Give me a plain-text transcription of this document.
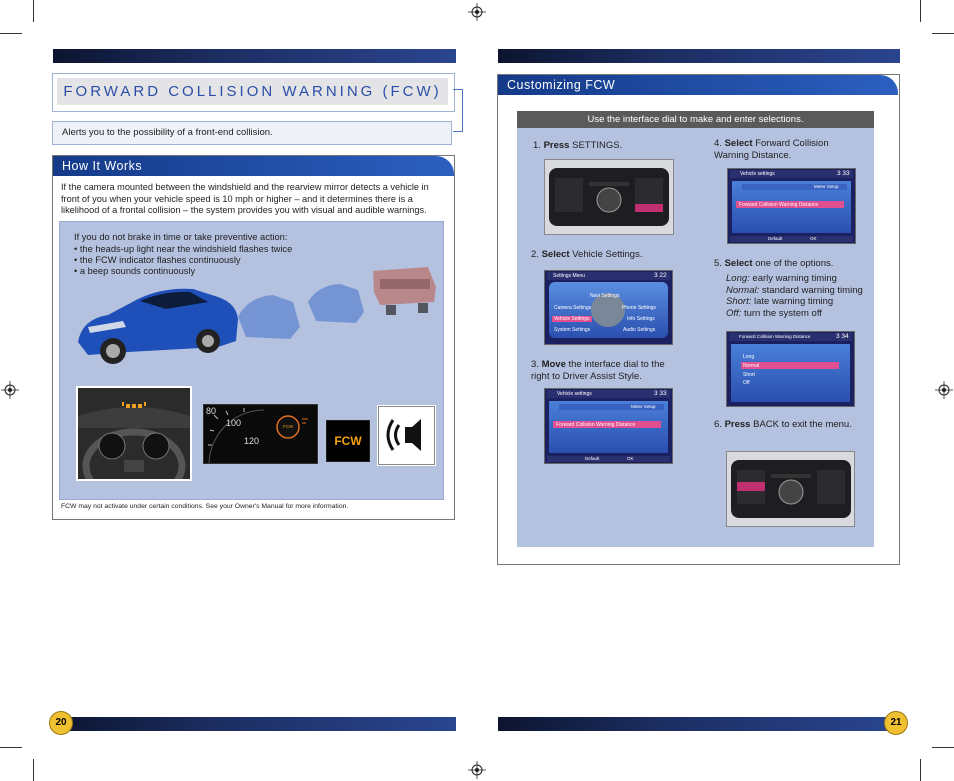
FORWARD COLLISION WARNING (FCW)
Alerts you to the possibility of a front-end collision.
How It Works
If the camera mounted between the windshield and the rearview mirror detects a vehicle in front of you when your vehicle speed is 10 mph or higher – and it determines there is a likelihood of a frontal collision – the system provides you with visual and audible warnings.
If you do not brake in time or take preventive action:
• the heads-up light near the windshield flashes twice
• the FCW indicator flashes continuously
• a beep sounds continuously
80
100
120
FCW
FCW
FCW may not activate under certain conditions. See your Owner's Manual for more information.
20
Customizing FCW
Use the interface dial to make and enter selections.
1. Press SETTINGS.
2. Select Vehicle Settings.
3. Move the interface dial to the right to Driver Assist Style.
4. Select Forward Collision Warning Distance.
5. Select one of the options.
Long: early warning timing
Normal: standard warning timing
Short: late warning timing
Off: turn the system off
6. Press BACK to exit the menu.
Settings Menu	3 22
Navi Settings
Camera Settings	Phone Settings
Vehicle Settings	Info Settings
System Settings	Audio Settings
Vehicle settings	3 33
Meter Setup
Forward Collision Warning Distance
Default	OK
Vehicle settings	3 33
Meter Setup
Forward Collision Warning Distance
Default	OK
Forward Collision Warning Distance	3 34
Long
Normal
Short
Off
21
